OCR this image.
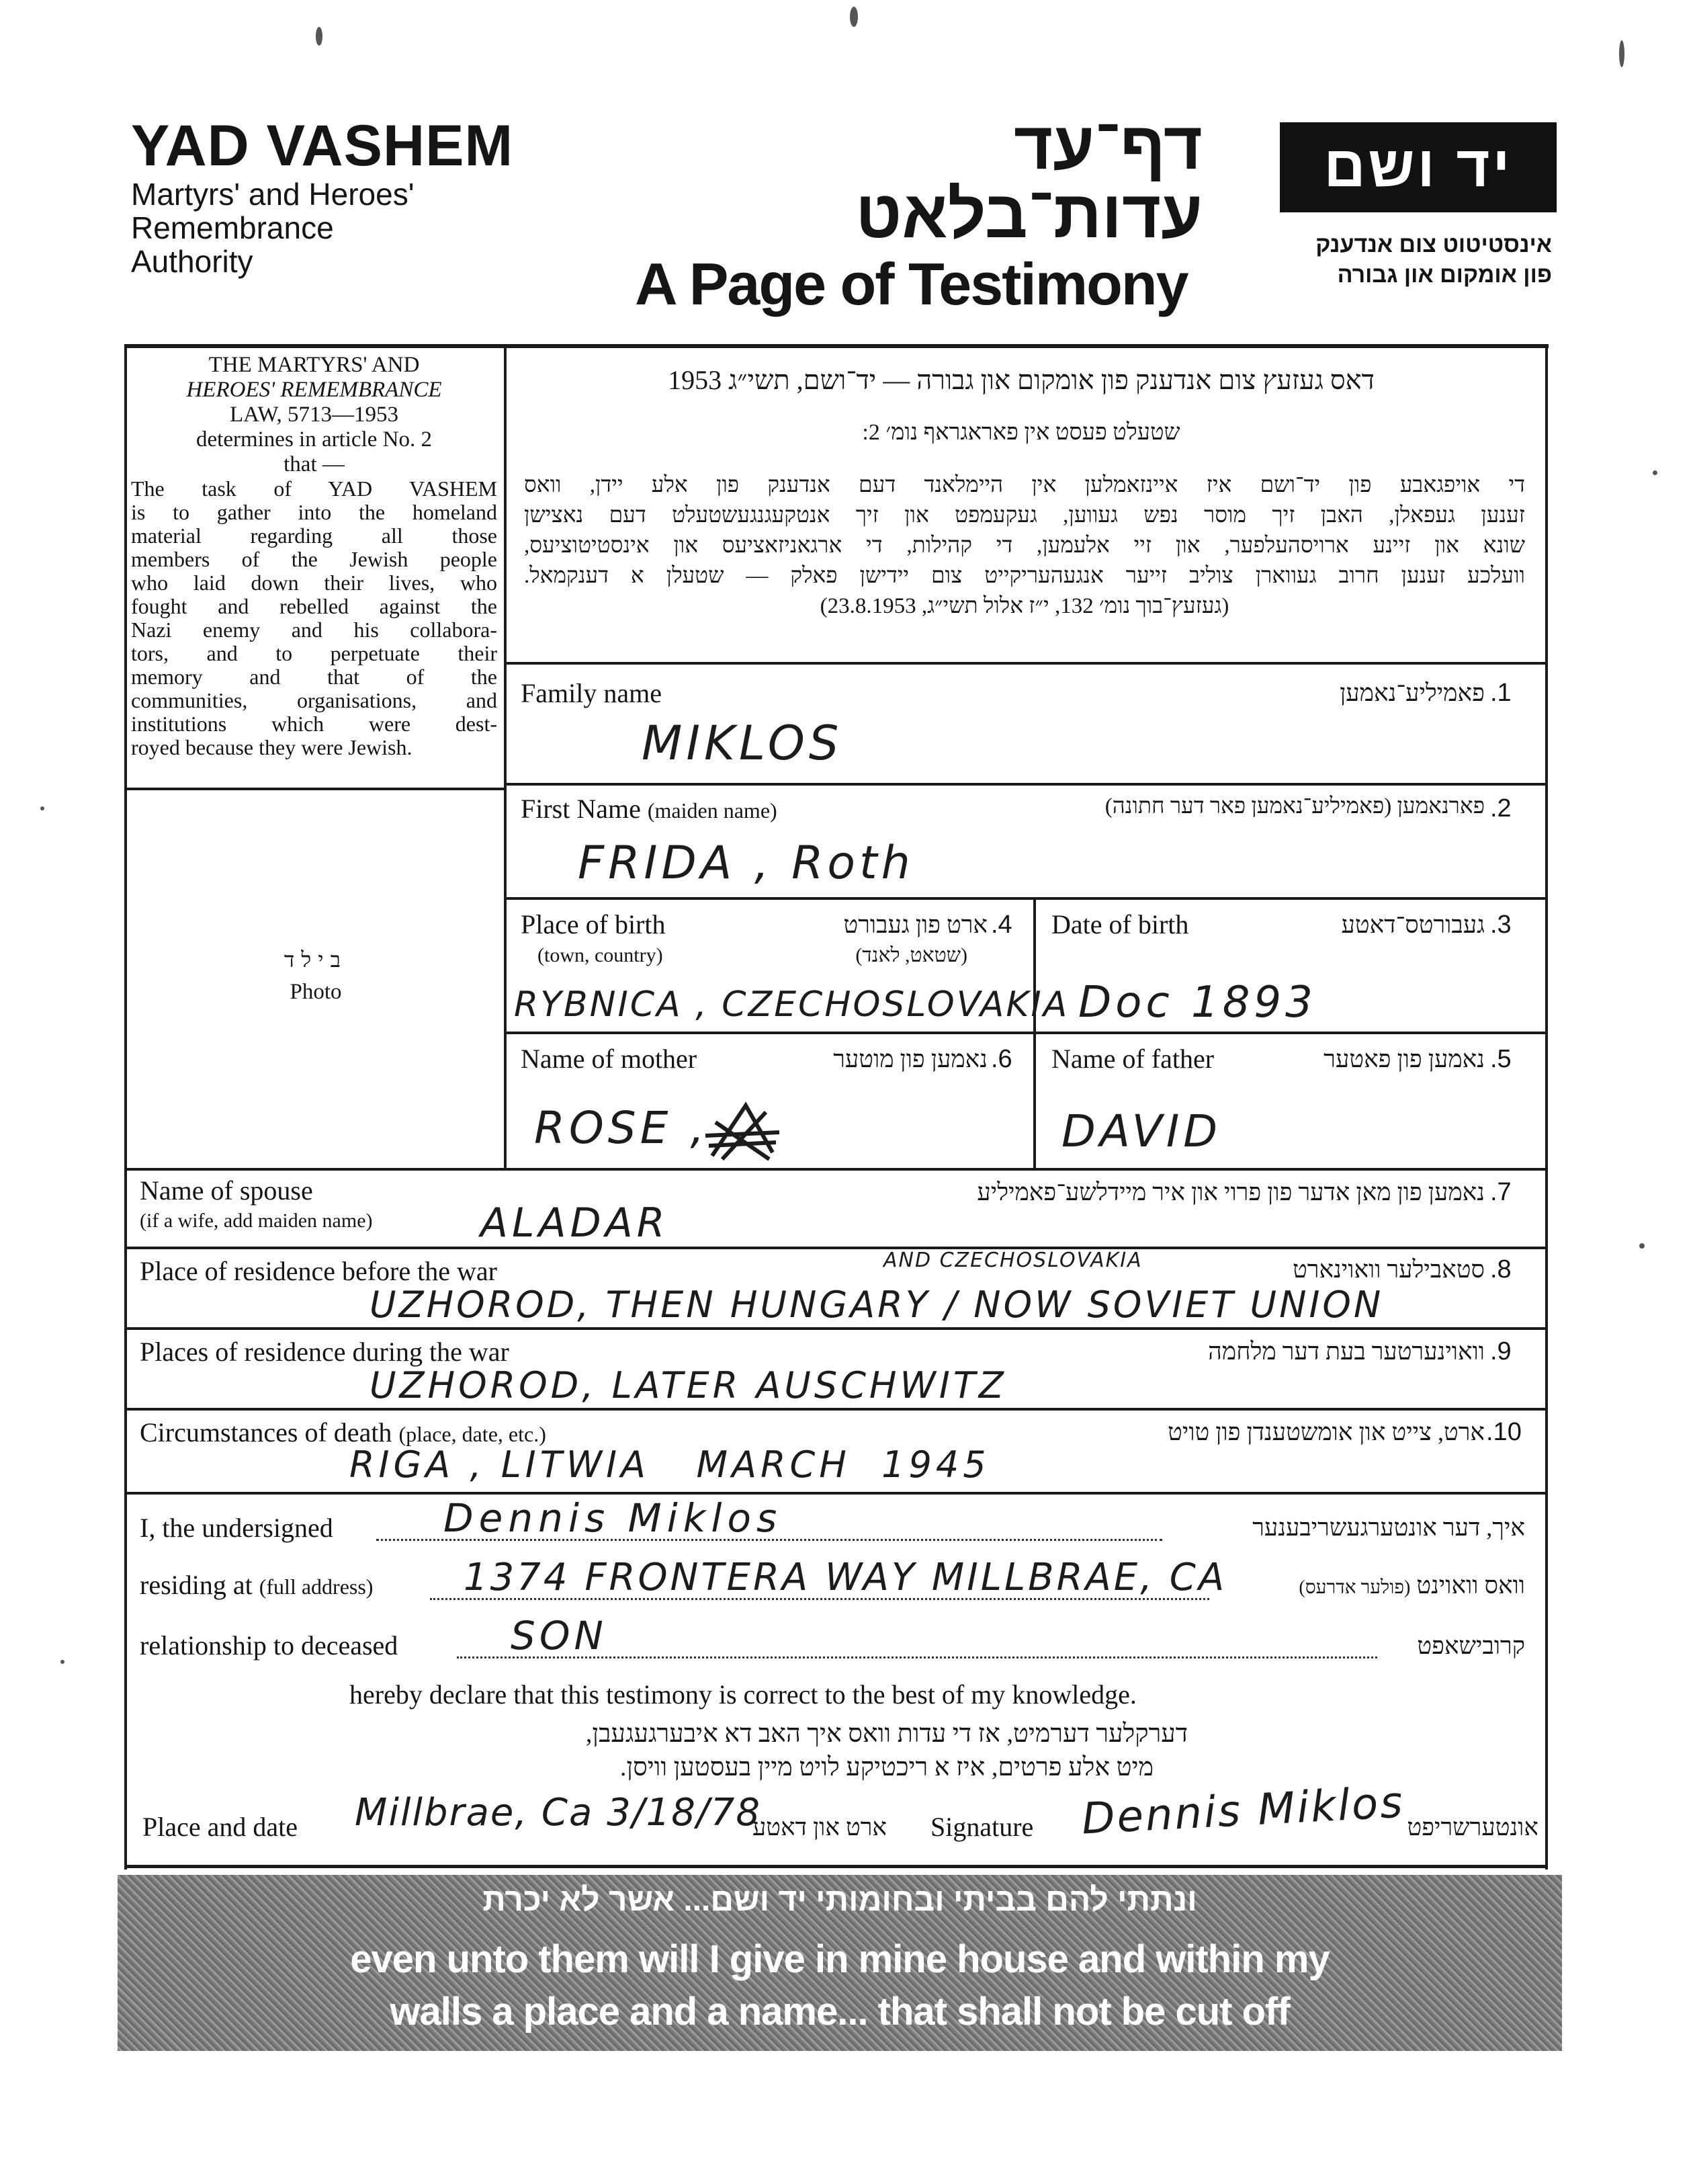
YAD VASHEM
Martyrs' and Heroes'
Remembrance
Authority
דף־עד
עדות־בלאט
A Page of Testimony
יד ושם
אינסטיטוט צום אנדענק
פון אומקום און גבורה
THE MARTYRS' AND
HEROES' REMEMBRANCE
LAW, 5713—1953
determines in article No. 2
that —
The task of YAD VASHEM
is to gather into the homeland
material regarding all those
members of the Jewish people
who laid down their lives, who
fought and rebelled against the
Nazi enemy and his collabora-
tors, and to perpetuate their
memory and that of the
communities, organisations, and
institutions which were dest-
royed because they were Jewish.
דאס געזעץ צום אנדענק פון אומקום און גבורה — יד־ושם, תשי״ג 1953
שטעלט פעסט אין פאראגראף נומ׳ 2:
די אויפגאבע פון יד־ושם איז איינזאמלען אין היימלאנד דעם אנדענק פון אלע יידן, וואס
זענען געפאלן, האבן זיך מוסר נפש געווען, געקעמפט און זיך אנטקעגנגעשטעלט דעם נאצישן
שונא און זיינע ארויסהעלפער, און זיי אלעמען, די קהילות, די ארגאניזאציעס און אינסטיטוציעס,
וועלכע זענען חרוב געווארן צוליב זייער אנגעהעריקייט צום יידישן פאלק — שטעלן א דענקמאל.
(געזעץ־בוך נומ׳ 132, י״ז אלול תשי״ג, 23.8.1953)
בילד
Photo
Family name	פאמיליע־נאמען .1
MIKLOS
First Name (maiden name)	פארנאמען (פאמיליע־נאמען פאר דער חתונה) .2
FRIDA , Roth
Place of birth
(town, country)
ארט פון געבורט
(שטאט, לאנד)
.4
RYBNICA , CZECHOSLOVAKIA
Date of birth	געבורטס־דאטע .3
Doc 1893
Name of mother	נאמען פון מוטער .6
ROSE ,
Name of father	נאמען פון פאטער .5
DAVID
Name of spouse
(if a wife, add maiden name)
נאמען פון מאן אדער פון פרוי און איר מיידלשע־פאמיליע .7
ALADAR
Place of residence before the war	סטאבילער וואוינארט .8
AND CZECHOSLOVAKIA
UZHOROD, THEN HUNGARY / NOW SOVIET UNION
Places of residence during the war	וואוינערטער בעת דער מלחמה .9
UZHOROD, LATER AUSCHWITZ
Circumstances of death (place, date, etc.)	ארט, צייט און אומשטענדן פון טויט .10
RIGA , LITWIA   MARCH  1945
I, the undersigned	Dennis Miklos	איך, דער אונטערגעשריבענער
residing at (full address) 1374 FRONTERA WAY MILLBRAE, CA	וואס וואוינט (פולער אדרעס)
relationship to deceased	SON	קרובישאפט
hereby declare that this testimony is correct to the best of my knowledge.
דערקלער דערמיט, אז די עדות וואס איך האב דא איבערגעגעבן,
מיט אלע פרטים, איז א ריכטיקע לויט מיין בעסטען וויסן.
Place and date Millbrae, Ca 3/18/78
ארט און דאטע Signature Dennis Miklos אונטערשריפט
ונתתי להם בביתי ובחומותי יד ושם... אשר לא יכרת
even unto them will I give in mine house and within my
walls a place and a name... that shall not be cut off
